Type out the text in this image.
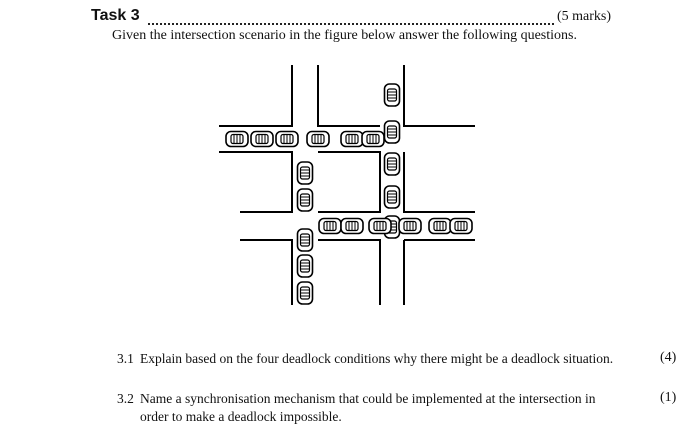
Task 3	(5 marks)
Given the intersection scenario in the figure below answer the following questions.
3.1 Explain based on the four deadlock conditions why there might be a deadlock situation.	(4)
3.2 Name a synchronisation mechanism that could be implemented at the intersection in order to make a deadlock impossible.
(1)
